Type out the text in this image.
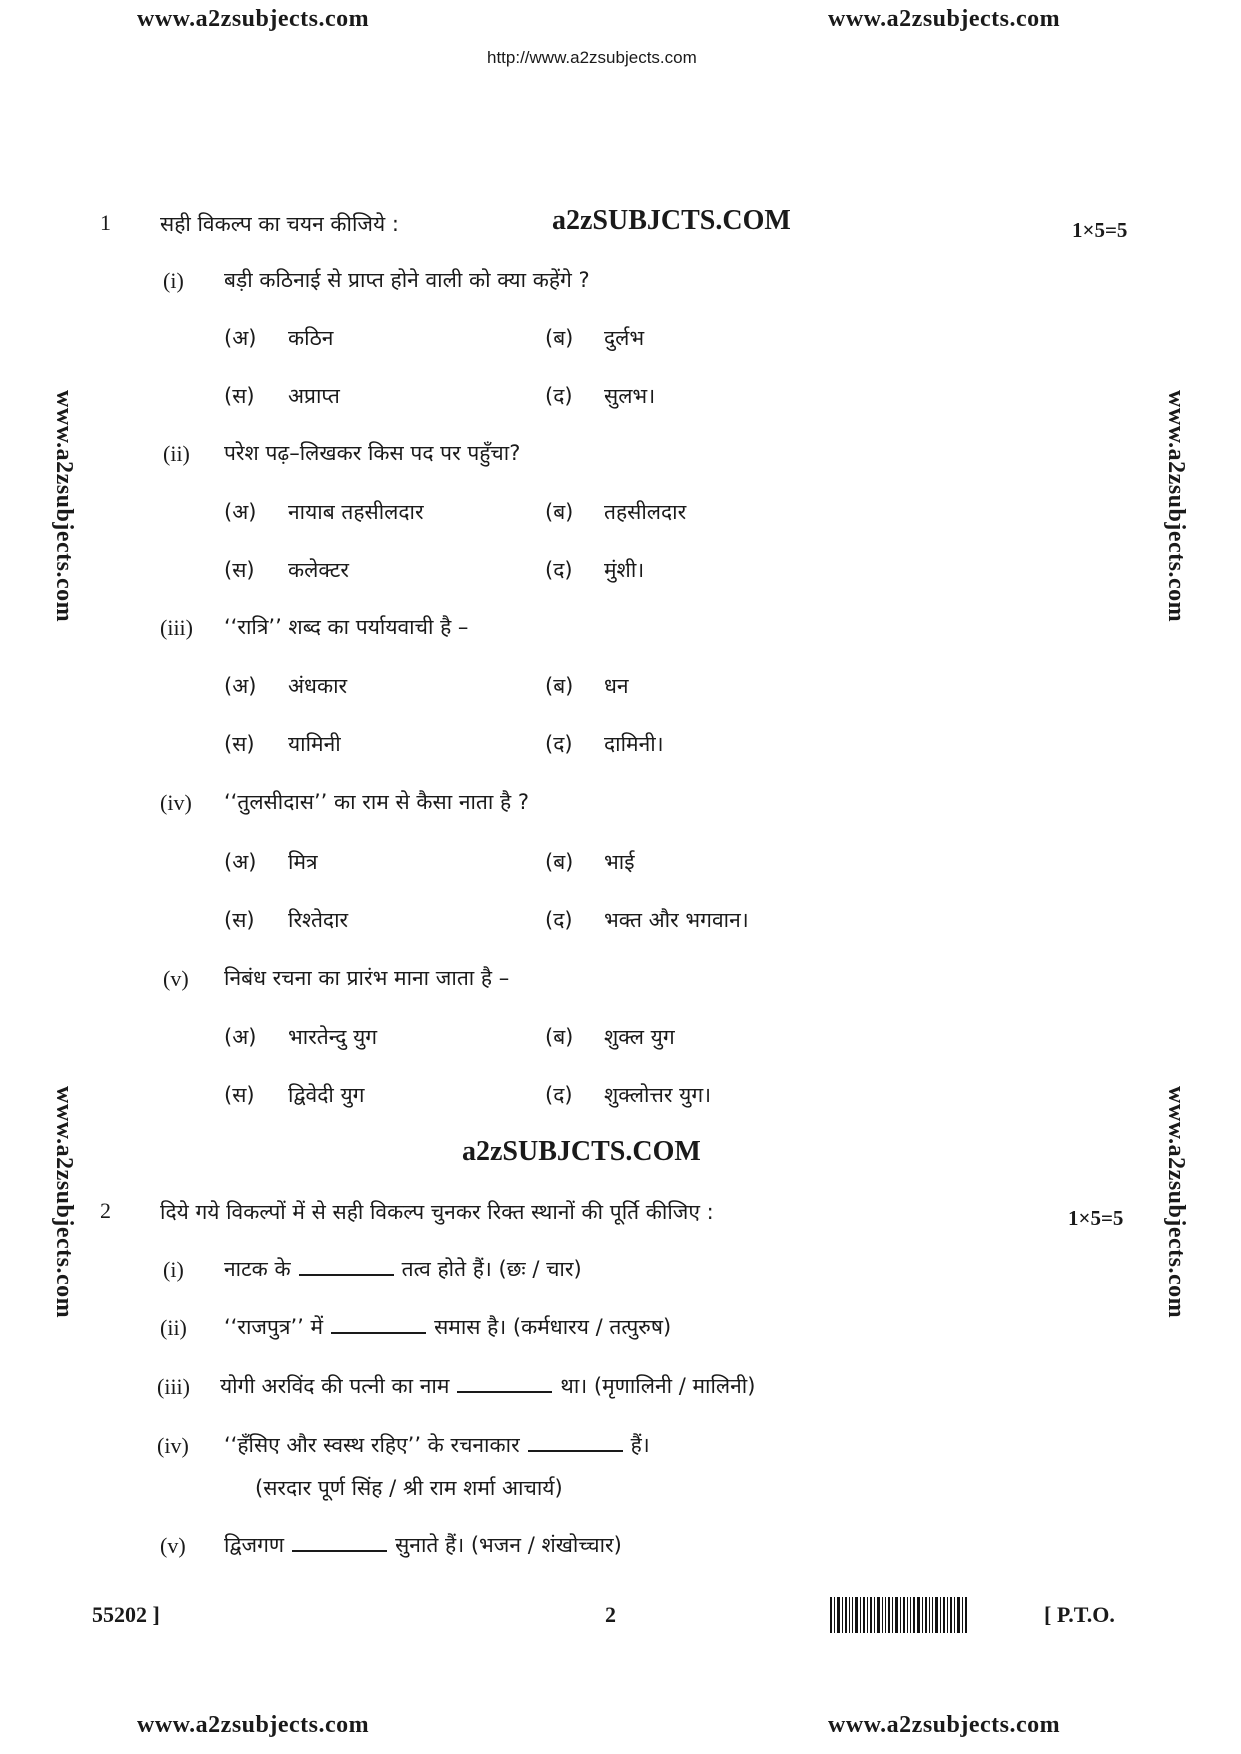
www.a2zsubjects.com	www.a2zsubjects.com
http://www.a2zsubjects.com
www.a2zsubjects.com
www.a2zsubjects.com
www.a2zsubjects.com
www.a2zsubjects.com
1 सही विकल्प का चयन कीजिये :	a2zSUBJCTS.COM	1×5=5
(i) बड़ी कठिनाई से प्राप्त होने वाली को क्या कहेंगे ?
(अ) कठिन	(ब) दुर्लभ
(स) अप्राप्त	(द) सुलभ।
(ii) परेश पढ़–लिखकर किस पद पर पहुँचा?
(अ) नायाब तहसीलदार	(ब) तहसीलदार
(स) कलेक्टर	(द) मुंशी।
(iii) ‘‘रात्रि’’ शब्द का पर्यायवाची है –
(अ) अंधकार	(ब) धन
(स) यामिनी	(द) दामिनी।
(iv) ‘‘तुलसीदास’’ का राम से कैसा नाता है ?
(अ) मित्र	(ब) भाई
(स) रिश्तेदार	(द) भक्त और भगवान।
(v) निबंध रचना का प्रारंभ माना जाता है –
(अ) भारतेन्दु युग	(ब) शुक्ल युग
(स) द्विवेदी युग	(द) शुक्लोत्तर युग।
a2zSUBJCTS.COM
2 दिये गये विकल्पों में से सही विकल्प चुनकर रिक्त स्थानों की पूर्ति कीजिए :	1×5=5
(i) नाटक के	तत्व होते हैं। (छः / चार)
(ii) ‘‘राजपुत्र’’ में	समास है। (कर्मधारय / तत्पुरुष)
(iii) योगी अरविंद की पत्नी का नाम	था। (मृणालिनी / मालिनी)
(iv) ‘‘हँसिए और स्वस्थ रहिए’’ के रचनाकार	हैं।
(सरदार पूर्ण सिंह / श्री राम शर्मा आचार्य)
(v) द्विजगण	सुनाते हैं। (भजन / शंखोच्चार)
55202 ]	2	[ P.T.O.
www.a2zsubjects.com	www.a2zsubjects.com
